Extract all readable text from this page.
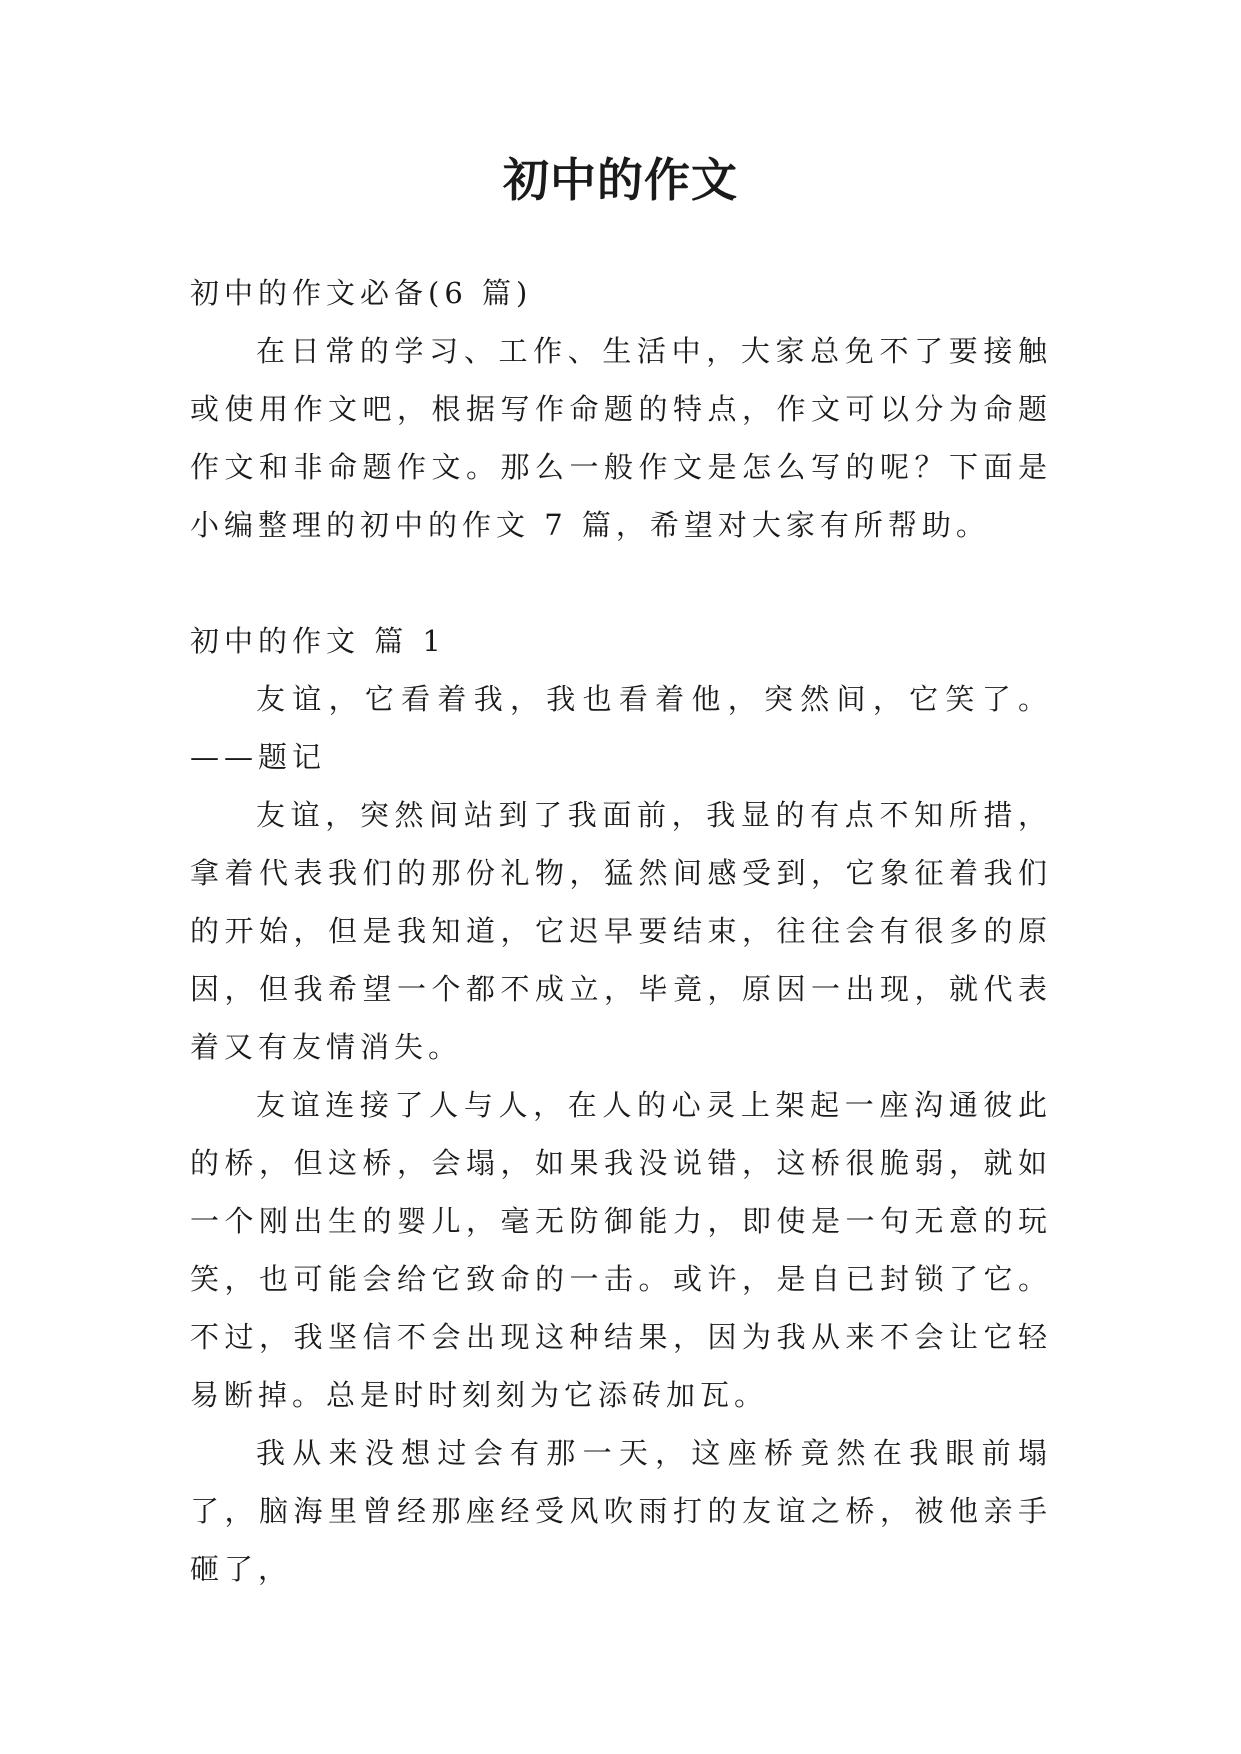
初中的作文

初中的作文必备(6 篇)

在日常的学习、工作、生活中，大家总免不了要接触或使用作文吧，根据写作命题的特点，作文可以分为命题作文和非命题作文。那么一般作文是怎么写的呢？下面是小编整理的初中的作文 7 篇，希望对大家有所帮助。

初中的作文 篇 1

友谊，它看着我，我也看着他，突然间，它笑了。——题记

友谊，突然间站到了我面前，我显的有点不知所措，拿着代表我们的那份礼物，猛然间感受到，它象征着我们的开始，但是我知道，它迟早要结束，往往会有很多的原因，但我希望一个都不成立，毕竟，原因一出现，就代表着又有友情消失。

友谊连接了人与人，在人的心灵上架起一座沟通彼此的桥，但这桥，会塌，如果我没说错，这桥很脆弱，就如一个刚出生的婴儿，毫无防御能力，即使是一句无意的玩笑，也可能会给它致命的一击。或许，是自已封锁了它。不过，我坚信不会出现这种结果，因为我从来不会让它轻易断掉。总是时时刻刻为它添砖加瓦。

我从来没想过会有那一天，这座桥竟然在我眼前塌了，脑海里曾经那座经受风吹雨打的友谊之桥，被他亲手砸了，
